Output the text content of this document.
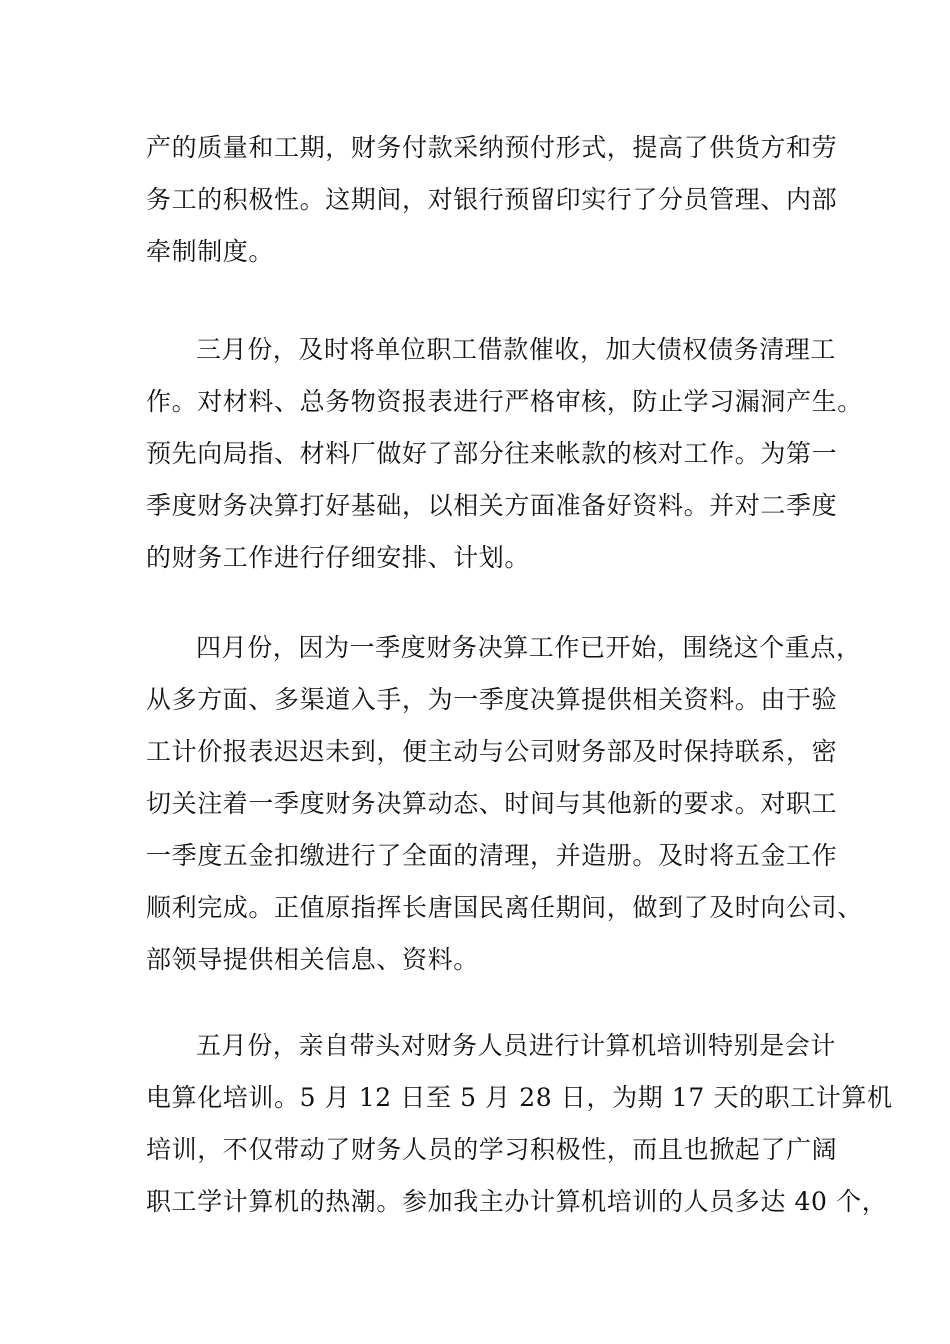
产的质量和工期，财务付款采纳预付形式，提高了供货方和劳
务工的积极性。这期间，对银行预留印实行了分员管理、内部
牵制制度。
三月份，及时将单位职工借款催收，加大债权债务清理工
作。对材料、总务物资报表进行严格审核，防止学习漏洞产生。
预先向局指、材料厂做好了部分往来帐款的核对工作。为第一
季度财务决算打好基础，以相关方面准备好资料。并对二季度
的财务工作进行仔细安排、计划。
四月份，因为一季度财务决算工作已开始，围绕这个重点，
从多方面、多渠道入手，为一季度决算提供相关资料。由于验
工计价报表迟迟未到，便主动与公司财务部及时保持联系，密
切关注着一季度财务决算动态、时间与其他新的要求。对职工
一季度五金扣缴进行了全面的清理，并造册。及时将五金工作
顺利完成。正值原指挥长唐国民离任期间，做到了及时向公司、
部领导提供相关信息、资料。
五月份，亲自带头对财务人员进行计算机培训特别是会计
电算化培训。5 月 12 日至 5 月 28 日，为期 17 天的职工计算机
培训，不仅带动了财务人员的学习积极性，而且也掀起了广阔
职工学计算机的热潮。参加我主办计算机培训的人员多达 40 个，
